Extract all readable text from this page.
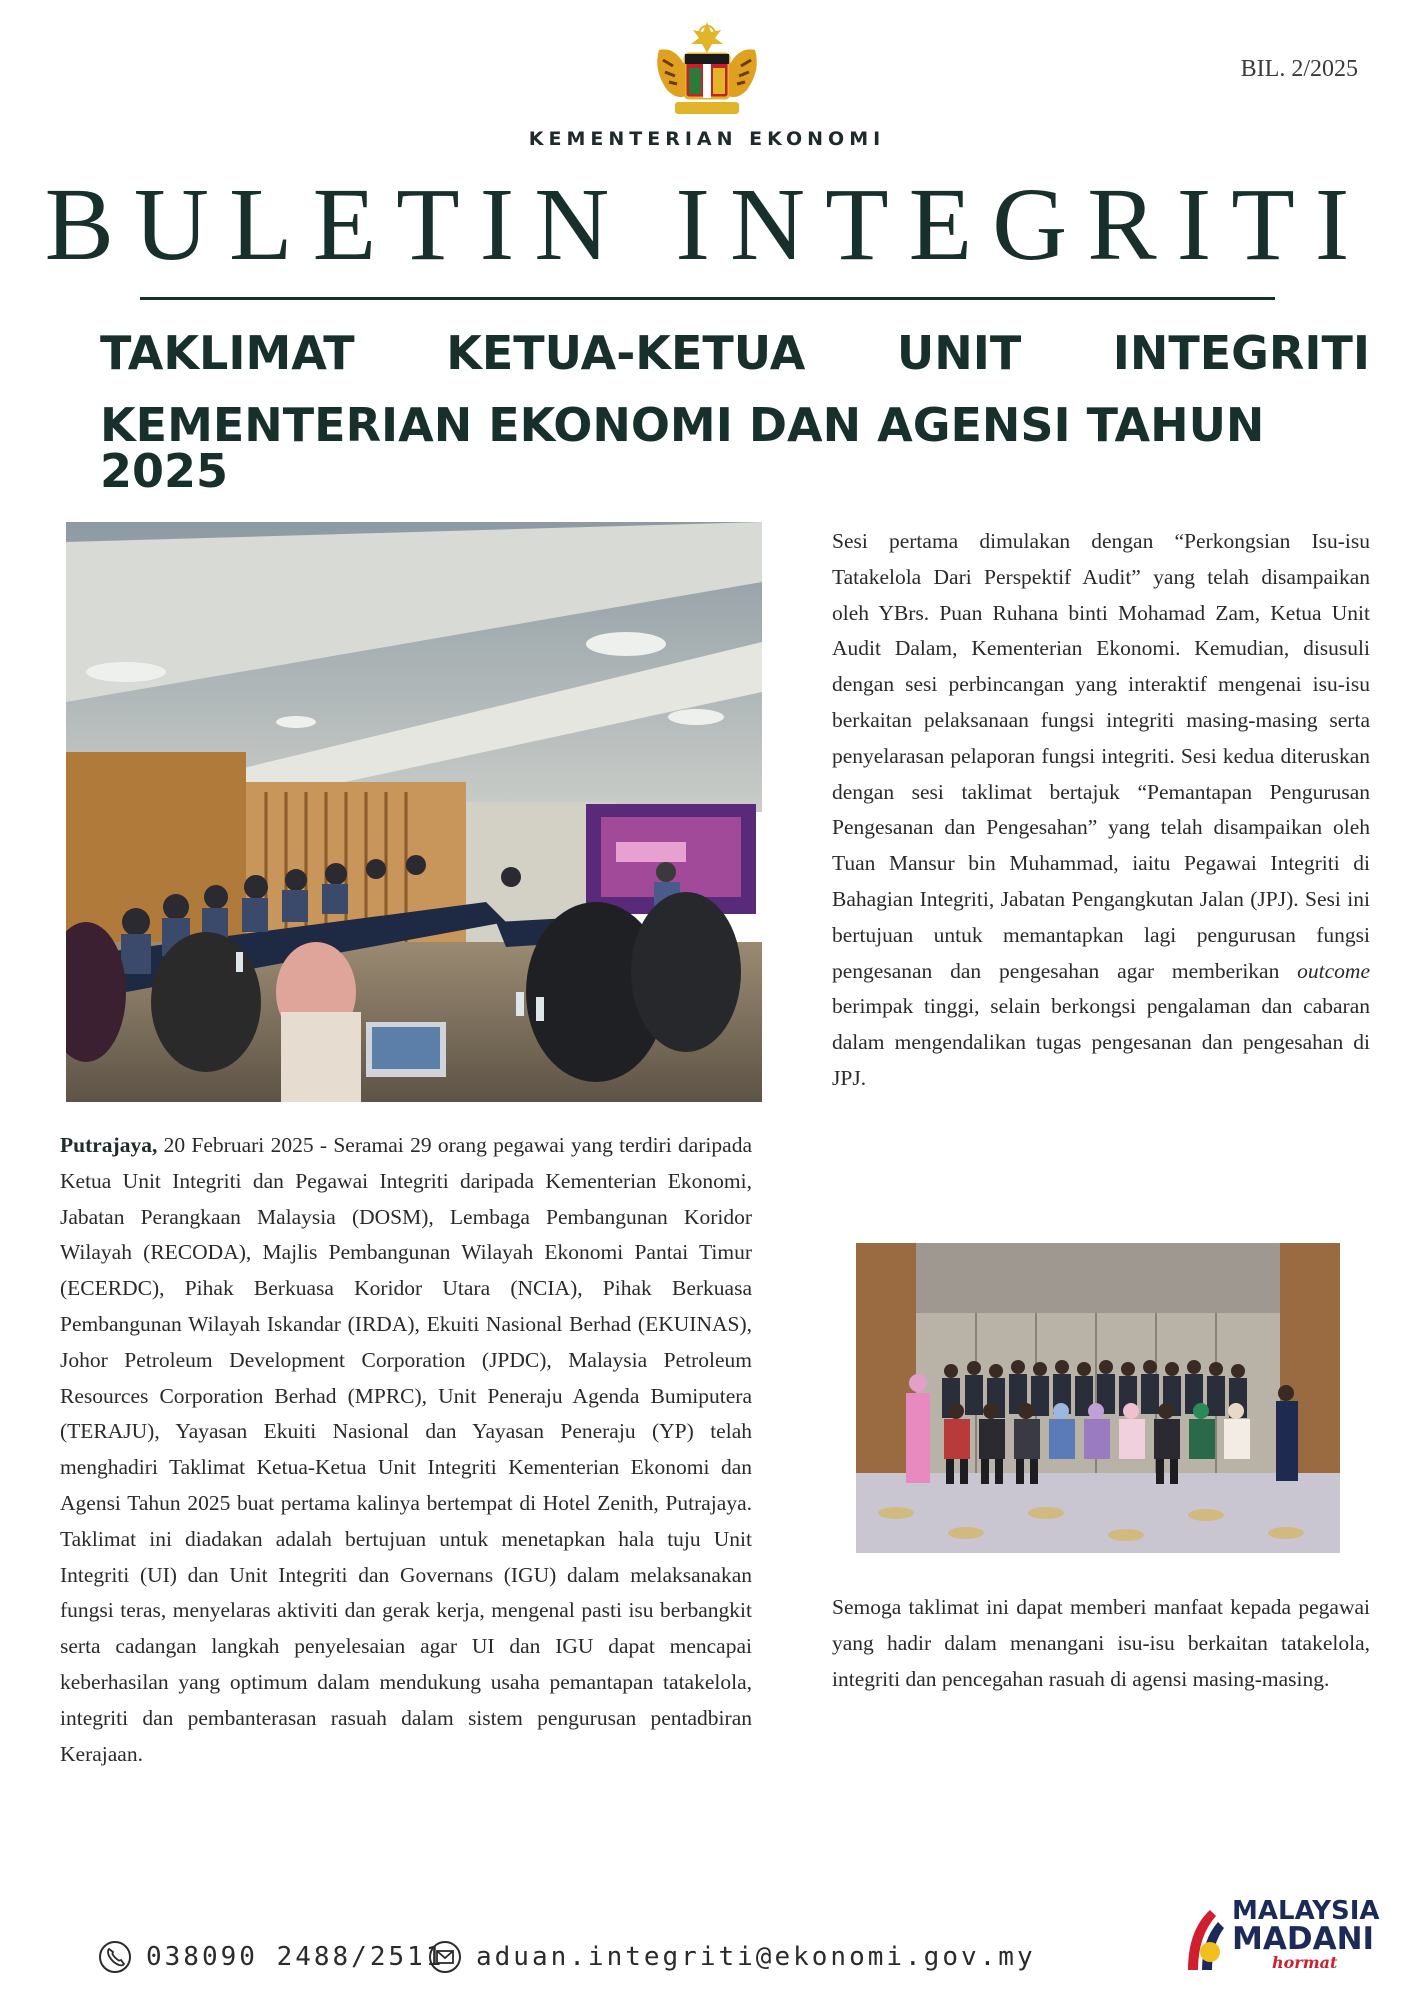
BIL. 2/2025
KEMENTERIAN EKONOMI
BULETIN INTEGRITI
TAKLIMAT KETUA-KETUA UNIT INTEGRITI
KEMENTERIAN EKONOMI DAN AGENSI TAHUN 2025
Putrajaya, 20 Februari 2025 - Seramai 29 orang pegawai yang terdiri daripada Ketua Unit Integriti dan Pegawai Integriti daripada Kementerian Ekonomi, Jabatan Perangkaan Malaysia (DOSM), Lembaga Pembangunan Koridor Wilayah (RECODA), Majlis Pembangunan Wilayah Ekonomi Pantai Timur (ECERDC), Pihak Berkuasa Koridor Utara (NCIA), Pihak Berkuasa Pembangunan Wilayah Iskandar (IRDA), Ekuiti Nasional Berhad (EKUINAS), Johor Petroleum Development Corporation (JPDC), Malaysia Petroleum Resources Corporation Berhad (MPRC), Unit Peneraju Agenda Bumiputera (TERAJU), Yayasan Ekuiti Nasional dan Yayasan Peneraju (YP) telah menghadiri Taklimat Ketua-Ketua Unit Integriti Kementerian Ekonomi dan Agensi Tahun 2025 buat pertama kalinya bertempat di Hotel Zenith, Putrajaya. Taklimat ini diadakan adalah bertujuan untuk menetapkan hala tuju Unit Integriti (UI) dan Unit Integriti dan Governans (IGU) dalam melaksanakan fungsi teras, menyelaras aktiviti dan gerak kerja, mengenal pasti isu berbangkit serta cadangan langkah penyelesaian agar UI dan IGU dapat mencapai keberhasilan yang optimum dalam mendukung usaha pemantapan tatakelola, integriti dan pembanterasan rasuah dalam sistem pengurusan pentadbiran Kerajaan.
Sesi pertama dimulakan dengan “Perkongsian Isu-isu Tatakelola Dari Perspektif Audit” yang telah disampaikan oleh YBrs. Puan Ruhana binti Mohamad Zam, Ketua Unit Audit Dalam, Kementerian Ekonomi. Kemudian, disusuli dengan sesi perbincangan yang interaktif mengenai isu-isu berkaitan pelaksanaan fungsi integriti masing-masing serta penyelarasan pelaporan fungsi integriti. Sesi kedua diteruskan dengan sesi taklimat bertajuk “Pemantapan Pengurusan Pengesanan dan Pengesahan” yang telah disampaikan oleh Tuan Mansur bin Muhammad, iaitu Pegawai Integriti di Bahagian Integriti, Jabatan Pengangkutan Jalan (JPJ). Sesi ini bertujuan untuk memantapkan lagi pengurusan fungsi pengesanan dan pengesahan agar memberikan outcome berimpak tinggi, selain berkongsi pengalaman dan cabaran dalam mengendalikan tugas pengesanan dan pengesahan di JPJ.
Semoga taklimat ini dapat memberi manfaat kepada pegawai yang hadir dalam menangani isu-isu berkaitan tatakelola, integriti dan pencegahan rasuah di agensi masing-masing.
038090 2488/2511 aduan.integriti@ekonomi.gov.my
MALAYSIA
MADANI
hormat
